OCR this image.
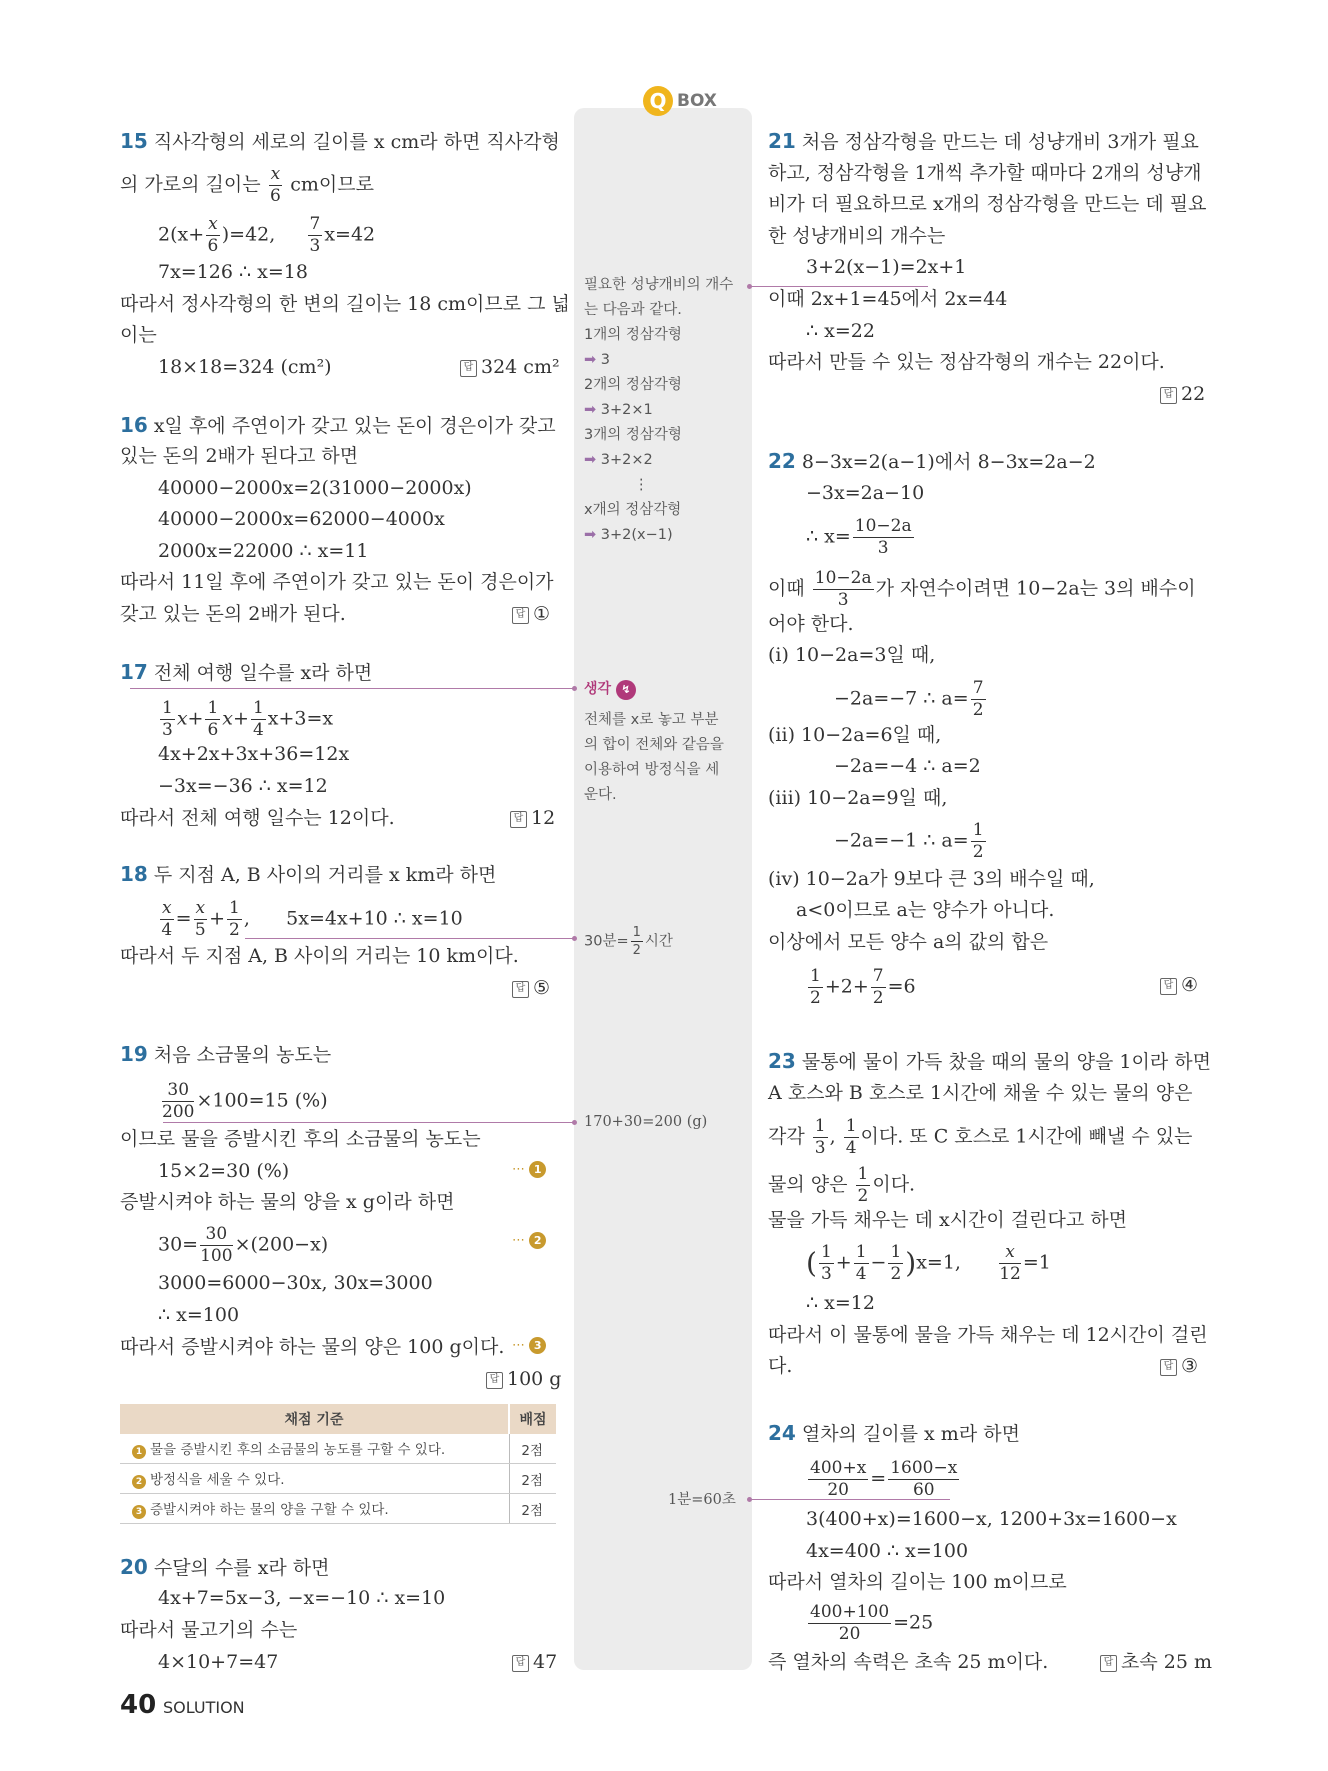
Q BOX
15 직사각형의 세로의 길이를 x cm라 하면 직사각형
의 가로의 길이는 $\frac{x}{6}$ cm이므로
$2(x+ \frac{x}{6} )=42$, $\frac{7}{3} x=42$
7x=126 ∴ x=18
따라서 정사각형의 한 변의 길이는 18 cm이므로 그 넓
이는
18×18=324 (cm²)	답 324 cm²
16 x일 후에 주연이가 갖고 있는 돈이 경은이가 갖고
있는 돈의 2배가 된다고 하면
40000−2000x=2(31000−2000x)
40000−2000x=62000−4000x
2000x=22000 ∴ x=11
따라서 11일 후에 주연이가 갖고 있는 돈이 경은이가
갖고 있는 돈의 2배가 된다.	답 ①
17 전체 여행 일수를 x라 하면
$\frac{1}{3} x+ \frac{1}{6} x+ \frac{1}{4} x+3=x$
4x+2x+3x+36=12x
−3x=−36 ∴ x=12
따라서 전체 여행 일수는 12이다.	답 12
18 두 지점 A, B 사이의 거리를 x km라 하면
$\frac{x}{4} = \frac{x}{5} + \frac{1}{2}$ ,      5x=4x+10 ∴ x=10
따라서 두 지점 A, B 사이의 거리는 10 km이다.
답 ⑤
19 처음 소금물의 농도는
$\frac{30}{200} \times 100=15$ (%)
이므로 물을 증발시킨 후의 소금물의 농도는
15×2=30 (%)	⋯ 1
증발시켜야 하는 물의 양을 x g이라 하면
$30= \frac{30}{100} \times(200-x)$	⋯ 2
3000=6000−30x, 30x=3000
∴ x=100
따라서 증발시켜야 하는 물의 양은 100 g이다. ⋯ 3
답 100 g
채점 기준	배점
1 물을 증발시킨 후의 소금물의 농도를 구할 수 있다.	2점
2 방정식을 세울 수 있다.	2점
3 증발시켜야 하는 물의 양을 구할 수 있다.	2점
20 수달의 수를 x라 하면
4x+7=5x−3, −x=−10 ∴ x=10
따라서 물고기의 수는
4×10+7=47	답 47
필요한 성냥개비의 개수
는 다음과 같다.
1개의 정삼각형
➡ 3
2개의 정삼각형
➡ 3+2×1
3개의 정삼각형
➡ 3+2×2
⋮
x개의 정삼각형
➡ 3+2(x−1)
생각 ↯
전체를 x로 놓고 부분
의 합이 전체와 같음을
이용하여 방정식을 세
운다.
30분= $\frac{1}{2}$ 시간
170+30=200 (g)
1분=60초
21 처음 정삼각형을 만드는 데 성냥개비 3개가 필요
하고, 정삼각형을 1개씩 추가할 때마다 2개의 성냥개
비가 더 필요하므로 x개의 정삼각형을 만드는 데 필요
한 성냥개비의 개수는
3+2(x−1)=2x+1
이때 2x+1=45에서 2x=44
∴ x=22
따라서 만들 수 있는 정삼각형의 개수는 22이다.
답 22
22 8−3x=2(a−1)에서 8−3x=2a−2
−3x=2a−10
∴ $x= \frac{10-2a}{3}$
이때 $\frac{10-2a}{3}$ 가 자연수이려면 10−2a는 3의 배수이
어야 한다.
(i) 10−2a=3일 때,
−2a=−7 ∴ $a= \frac{7}{2}$
(ii) 10−2a=6일 때,
−2a=−4 ∴ a=2
(iii) 10−2a=9일 때,
−2a=−1 ∴ $a= \frac{1}{2}$
(iv) 10−2a가 9보다 큰 3의 배수일 때,
a<0이므로 a는 양수가 아니다.
이상에서 모든 양수 a의 값의 합은
$\frac{1}{2} +2+ \frac{7}{2} =6$	답 ④
23 물통에 물이 가득 찼을 때의 물의 양을 1이라 하면
A 호스와 B 호스로 1시간에 채울 수 있는 물의 양은
각각 $\frac{1}{3}$ , $\frac{1}{4}$ 이다. 또 C 호스로 1시간에 빼낼 수 있는
물의 양은 $\frac{1}{2}$ 이다.
물을 가득 채우는 데 x시간이 걸린다고 하면
( $\frac{1}{3} + \frac{1}{4} - \frac{1}{2} )x=1$, $\frac{x}{12} =1$
∴ x=12
따라서 이 물통에 물을 가득 채우는 데 12시간이 걸린
다.	답 ③
24 열차의 길이를 x m라 하면
$\frac{400+x}{20} = \frac{1600-x}{60}$
3(400+x)=1600−x, 1200+3x=1600−x
4x=400 ∴ x=100
따라서 열차의 길이는 100 m이므로
$\frac{400+100}{20} =25$
즉 열차의 속력은 초속 25 m이다.	답 초속 25 m
40 SOLUTION
